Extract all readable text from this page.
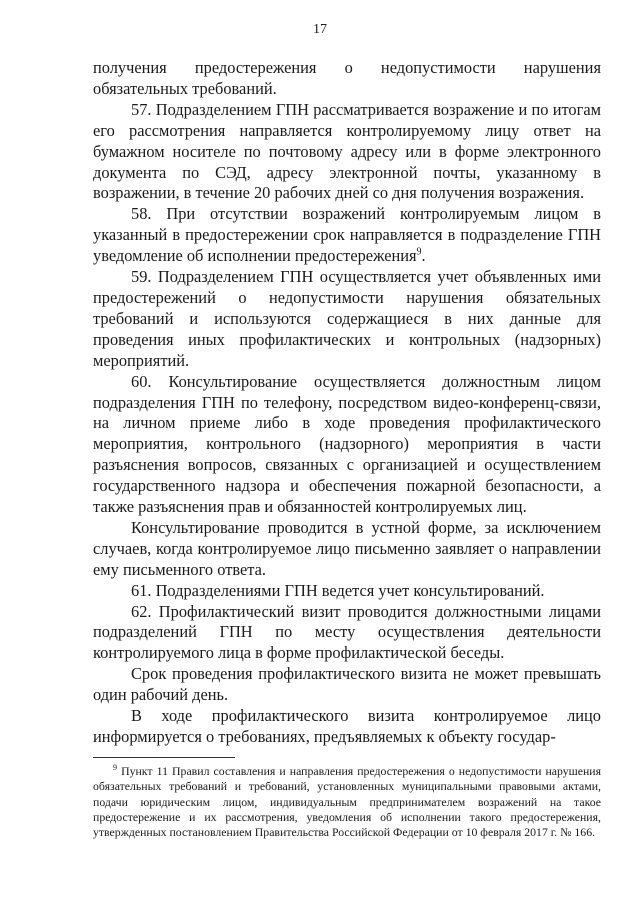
17

получения предостережения о недопустимости нарушения обязательных требований.

57. Подразделением ГПН рассматривается возражение и по итогам его рассмотрения направляется контролируемому лицу ответ на бумажном носителе по почтовому адресу или в форме электронного документа по СЭД, адресу электронной почты, указанному в возражении, в течение 20 рабочих дней со дня получения возражения.

58. При отсутствии возражений контролируемым лицом в указанный в предостережении срок направляется в подразделение ГПН уведомление об исполнении предостережения$^9$.

59. Подразделением ГПН осуществляется учет объявленных ими предостережений о недопустимости нарушения обязательных требований и используются содержащиеся в них данные для проведения иных профилактических и контрольных (надзорных) мероприятий.

60. Консультирование осуществляется должностным лицом подразделения ГПН по телефону, посредством видео-конференц-связи, на личном приеме либо в ходе проведения профилактического мероприятия, контрольного (надзорного) мероприятия в части разъяснения вопросов, связанных с организацией и осуществлением государственного надзора и обеспечения пожарной безопасности, а также разъяснения прав и обязанностей контролируемых лиц.

Консультирование проводится в устной форме, за исключением случаев, когда контролируемое лицо письменно заявляет о направлении ему письменного ответа.

61. Подразделениями ГПН ведется учет консультирований.

62. Профилактический визит проводится должностными лицами подразделений ГПН по месту осуществления деятельности контролируемого лица в форме профилактической беседы.

Срок проведения профилактического визита не может превышать один рабочий день.

В ходе профилактического визита контролируемое лицо информируется о требованиях, предъявляемых к объекту государ-

$^9$ Пункт 11 Правил составления и направления предостережения о недопустимости нарушения обязательных требований и требований, установленных муниципальными правовыми актами, подачи юридическим лицом, индивидуальным предпринимателем возражений на такое предостережение и их рассмотрения, уведомления об исполнении такого предостережения, утвержденных постановлением Правительства Российской Федерации от 10 февраля 2017 г. № 166.
